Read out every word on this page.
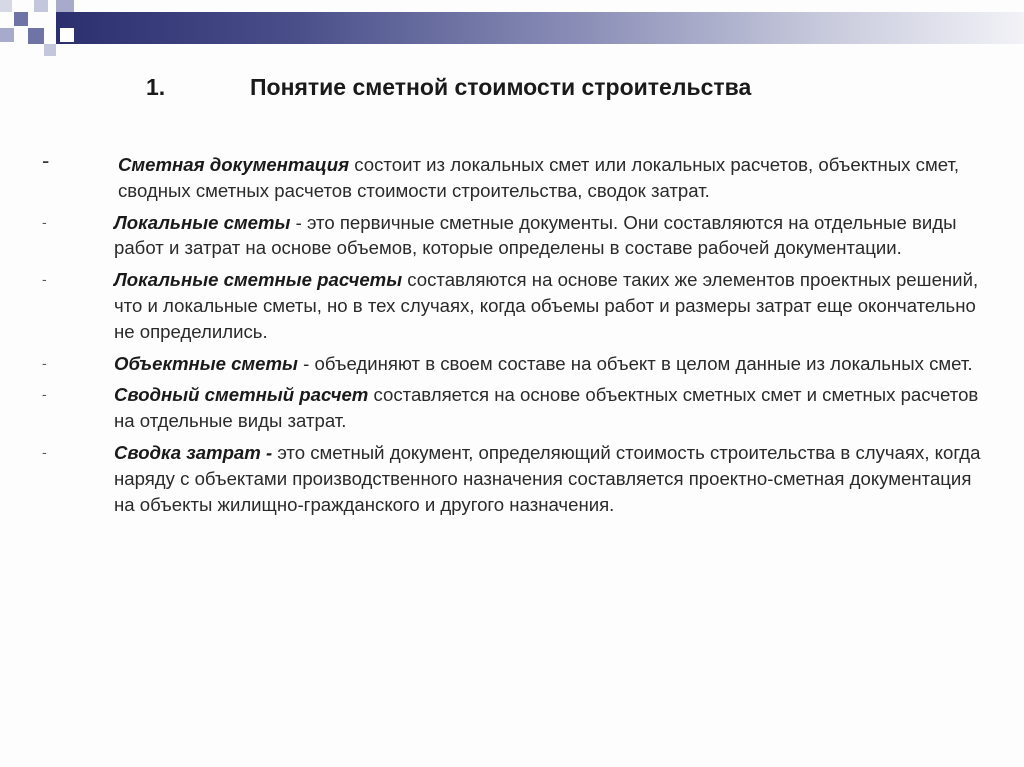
1.	Понятие сметной стоимости строительства
-	Сметная документация состоит из локальных смет или локальных расчетов, объектных смет, сводных сметных расчетов стоимости строительства, сводок затрат.
-	Локальные сметы - это первичные сметные документы. Они составляются на отдельные виды работ и затрат на основе объемов, которые определены в составе рабочей документации.
-	Локальные сметные расчеты составляются на основе таких же элементов проектных решений, что и локальные сметы, но в тех случаях, когда объемы работ и размеры затрат еще окончательно не определились.
-	Объектные сметы - объединяют в своем составе на объект в целом данные из локальных смет.
-	Сводный сметный расчет составляется на основе объектных сметных смет и сметных расчетов на отдельные виды затрат.
-	Сводка затрат - это сметный документ, определяющий стоимость строительства в случаях, когда наряду с объектами производственного назначения составляется проектно-сметная документация на объекты жилищно-гражданского и другого назначения.
